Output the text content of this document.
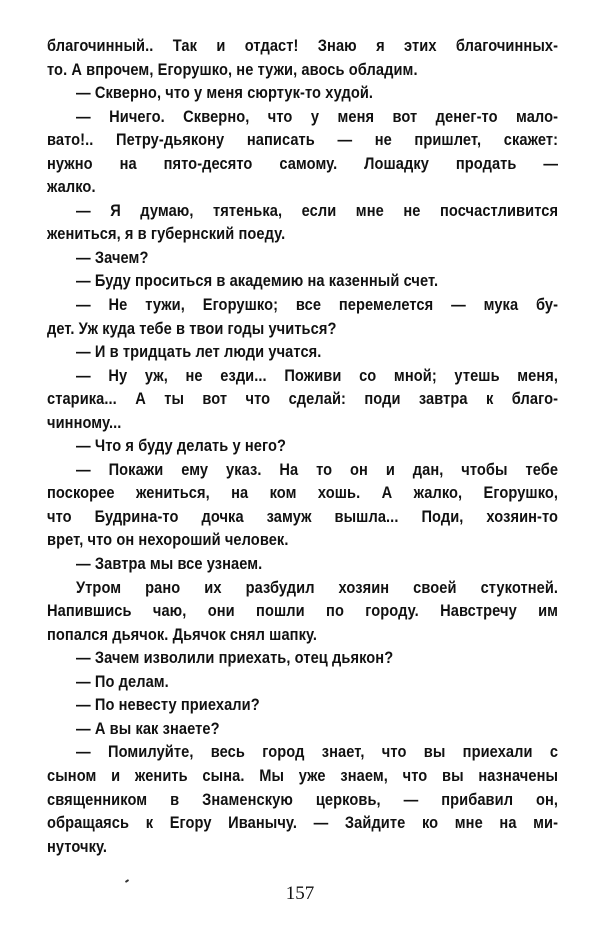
благочинный.. Так и отдаст! Знаю я этих благочинных-
то. А впрочем, Егорушко, не тужи, авось обладим.
— Скверно, что у меня сюртук-то худой.
— Ничего. Скверно, что у меня вот денег-то мало-
вато!.. Петру-дьякону написать — не пришлет, скажет:
нужно на пято-десято самому. Лошадку продать —
жалко.
— Я думаю, тятенька, если мне не посчастливится
жениться, я в губернский поеду.
— Зачем?
— Буду проситься в академию на казенный счет.
— Не тужи, Егорушко; все перемелется — мука бу-
дет. Уж куда тебе в твои годы учиться?
— И в тридцать лет люди учатся.
— Ну уж, не езди... Поживи со мной; утешь меня,
старика... А ты вот что сделай: поди завтра к благо-
чинному...
— Что я буду делать у него?
— Покажи ему указ. На то он и дан, чтобы тебе
поскорее жениться, на ком хошь. А жалко, Егорушко,
что Будрина-то дочка замуж вышла... Поди, хозяин-то
врет, что он нехороший человек.
— Завтра мы все узнаем.
Утром рано их разбудил хозяин своей стукотней.
Напившись чаю, они пошли по городу. Навстречу им
попался дьячок. Дьячок снял шапку.
— Зачем изволили приехать, отец дьякон?
— По делам.
— По невесту приехали?
— А вы как знаете?
— Помилуйте, весь город знает, что вы приехали с
сыном и женить сына. Мы уже знаем, что вы назначены
священником в Знаменскую церковь, — прибавил он,
обращаясь к Егору Иванычу. — Зайдите ко мне на ми-
нуточку.
157
